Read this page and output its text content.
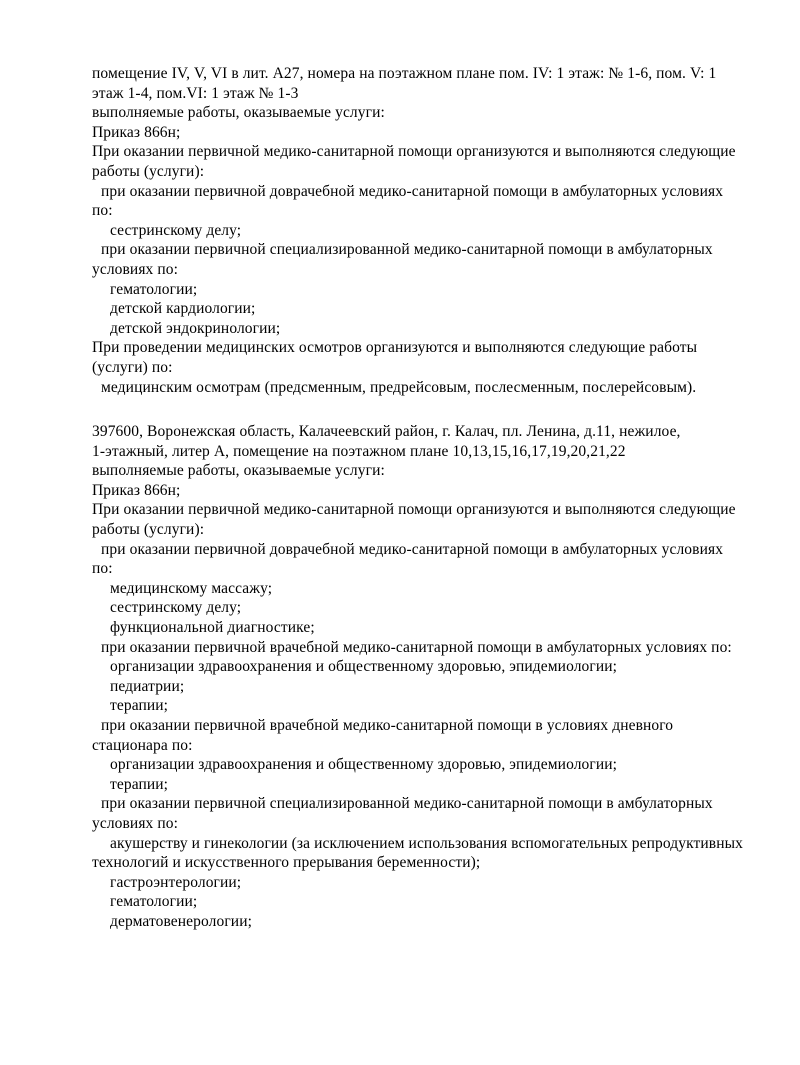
помещение IV, V, VI в лит. А27, номера на поэтажном плане пом. IV: 1 этаж: № 1-6, пом. V: 1
этаж 1-4, пом.VI: 1 этаж № 1-3
выполняемые работы, оказываемые услуги:
Приказ 866н;
При оказании первичной медико-санитарной помощи организуются и выполняются следующие
работы (услуги):
при оказании первичной доврачебной медико-санитарной помощи в амбулаторных условиях
по:
сестринскому делу;
при оказании первичной специализированной медико-санитарной помощи в амбулаторных
условиях по:
гематологии;
детской кардиологии;
детской эндокринологии;
При проведении медицинских осмотров организуются и выполняются следующие работы
(услуги) по:
медицинским осмотрам (предсменным, предрейсовым, послесменным, послерейсовым).
397600, Воронежская область, Калачеевский район, г. Калач, пл. Ленина, д.11, нежилое,
1-этажный, литер А, помещение на поэтажном плане 10,13,15,16,17,19,20,21,22
выполняемые работы, оказываемые услуги:
Приказ 866н;
При оказании первичной медико-санитарной помощи организуются и выполняются следующие
работы (услуги):
при оказании первичной доврачебной медико-санитарной помощи в амбулаторных условиях
по:
медицинскому массажу;
сестринскому делу;
функциональной диагностике;
при оказании первичной врачебной медико-санитарной помощи в амбулаторных условиях по:
организации здравоохранения и общественному здоровью, эпидемиологии;
педиатрии;
терапии;
при оказании первичной врачебной медико-санитарной помощи в условиях дневного
стационара по:
организации здравоохранения и общественному здоровью, эпидемиологии;
терапии;
при оказании первичной специализированной медико-санитарной помощи в амбулаторных
условиях по:
акушерству и гинекологии (за исключением использования вспомогательных репродуктивных
технологий и искусственного прерывания беременности);
гастроэнтерологии;
гематологии;
дерматовенерологии;
